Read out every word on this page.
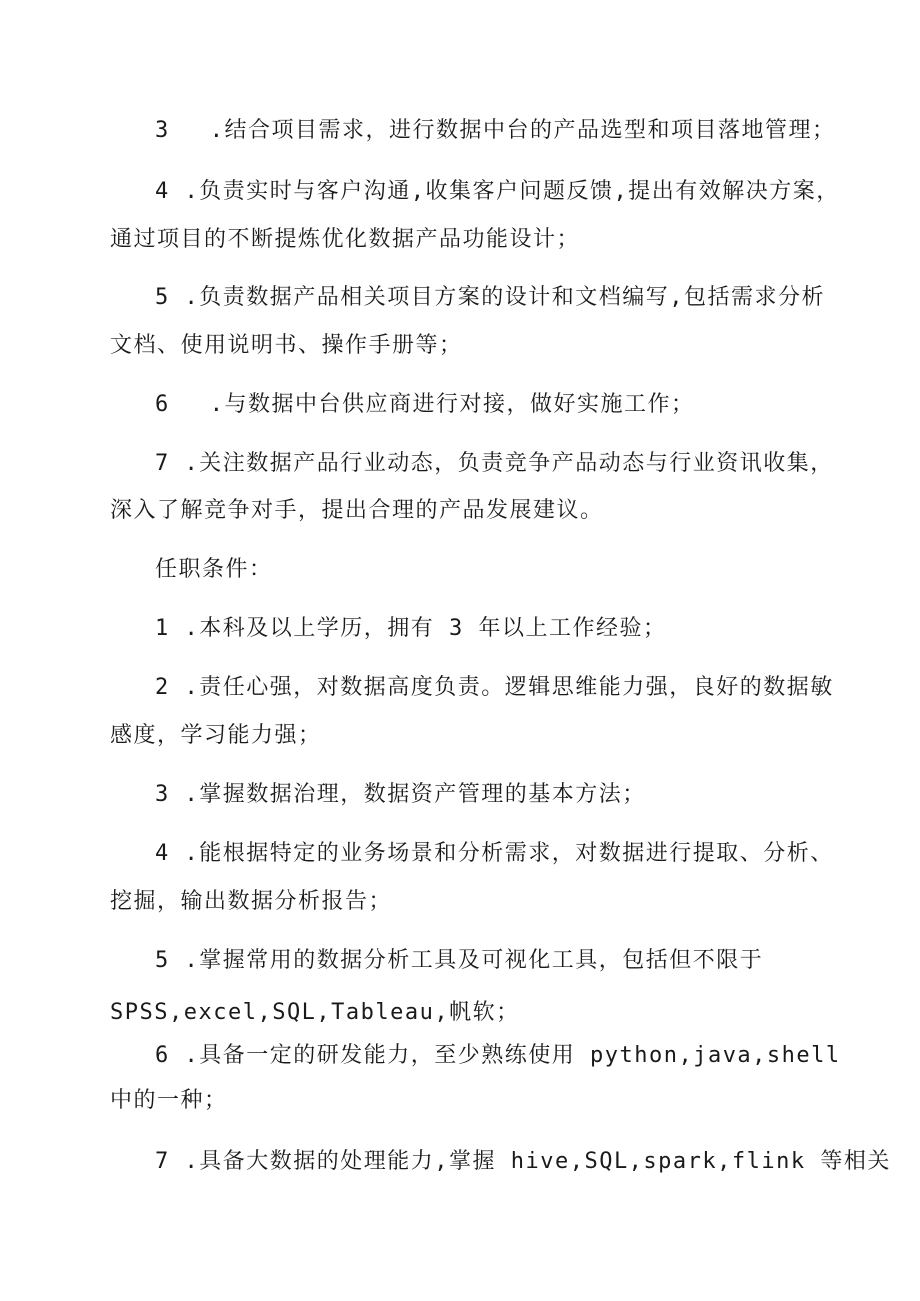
3 .结合项目需求，进行数据中台的产品选型和项目落地管理；
4 .负责实时与客户沟通,收集客户问题反馈,提出有效解决方案，
通过项目的不断提炼优化数据产品功能设计；
5 .负责数据产品相关项目方案的设计和文档编写,包括需求分析
文档、使用说明书、操作手册等；
6 .与数据中台供应商进行对接，做好实施工作；
7 .关注数据产品行业动态，负责竞争产品动态与行业资讯收集，
深入了解竞争对手，提出合理的产品发展建议。
任职条件：
1 .本科及以上学历，拥有 3 年以上工作经验；
2 .责任心强，对数据高度负责。逻辑思维能力强，良好的数据敏
感度，学习能力强；
3 .掌握数据治理，数据资产管理的基本方法；
4 .能根据特定的业务场景和分析需求，对数据进行提取、分析、
挖掘，输出数据分析报告；
5 .掌握常用的数据分析工具及可视化工具，包括但不限于
SPSS,excel,SQL,Tableau,帆软；
6 .具备一定的研发能力，至少熟练使用 python,java,shell
中的一种；
7 .具备大数据的处理能力,掌握 hive,SQL,spark,flink 等相关
